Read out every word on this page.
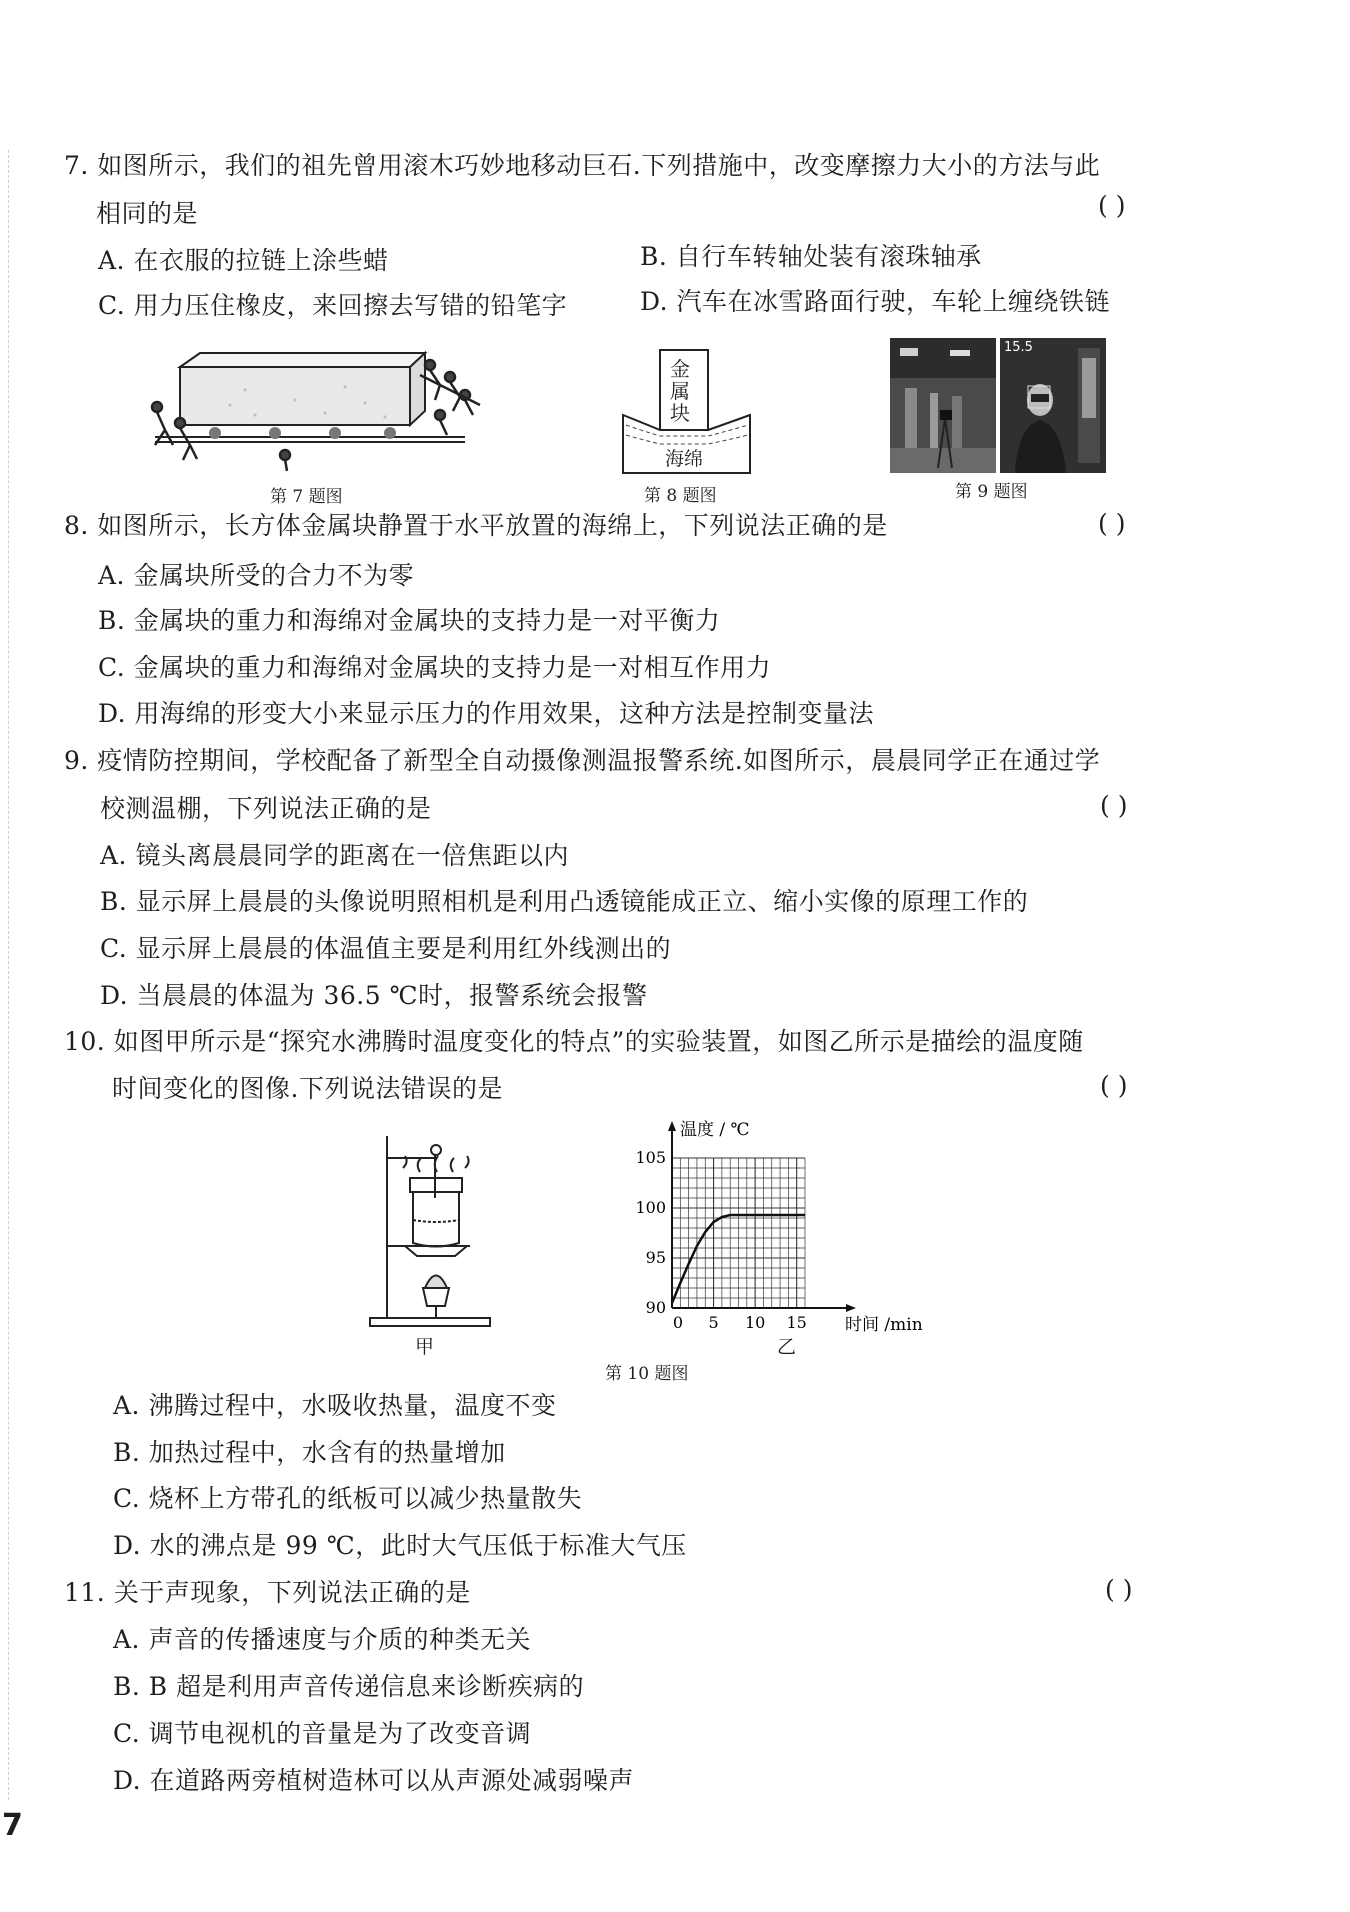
7. 如图所示，我们的祖先曾用滚木巧妙地移动巨石.下列措施中，改变摩擦力大小的方法与此
相同的是	( )
A. 在衣服的拉链上涂些蜡	B. 自行车转轴处装有滚珠轴承
C. 用力压住橡皮，来回擦去写错的铅笔字	D. 汽车在冰雪路面行驶，车轮上缠绕铁链
第 7 题图
金属块
海绵
第 8 题图
15.5
第 9 题图
8. 如图所示，长方体金属块静置于水平放置的海绵上，下列说法正确的是	( )
A. 金属块所受的合力不为零
B. 金属块的重力和海绵对金属块的支持力是一对平衡力
C. 金属块的重力和海绵对金属块的支持力是一对相互作用力
D. 用海绵的形变大小来显示压力的作用效果，这种方法是控制变量法
9. 疫情防控期间，学校配备了新型全自动摄像测温报警系统.如图所示，晨晨同学正在通过学
校测温棚，下列说法正确的是	( )
A. 镜头离晨晨同学的距离在一倍焦距以内
B. 显示屏上晨晨的头像说明照相机是利用凸透镜能成正立、缩小实像的原理工作的
C. 显示屏上晨晨的体温值主要是利用红外线测出的
D. 当晨晨的体温为 36.5 ℃时，报警系统会报警
10. 如图甲所示是“探究水沸腾时温度变化的特点”的实验装置，如图乙所示是描绘的温度随
时间变化的图像.下列说法错误的是	( )
甲
90
95
100
105
0 5 10 15
温度 / ℃
时间 /min
乙
第 10 题图
A. 沸腾过程中，水吸收热量，温度不变
B. 加热过程中，水含有的热量增加
C. 烧杯上方带孔的纸板可以减少热量散失
D. 水的沸点是 99 ℃，此时大气压低于标准大气压
11. 关于声现象，下列说法正确的是	( )
A. 声音的传播速度与介质的种类无关
B. B 超是利用声音传递信息来诊断疾病的
C. 调节电视机的音量是为了改变音调
D. 在道路两旁植树造林可以从声源处减弱噪声
7
